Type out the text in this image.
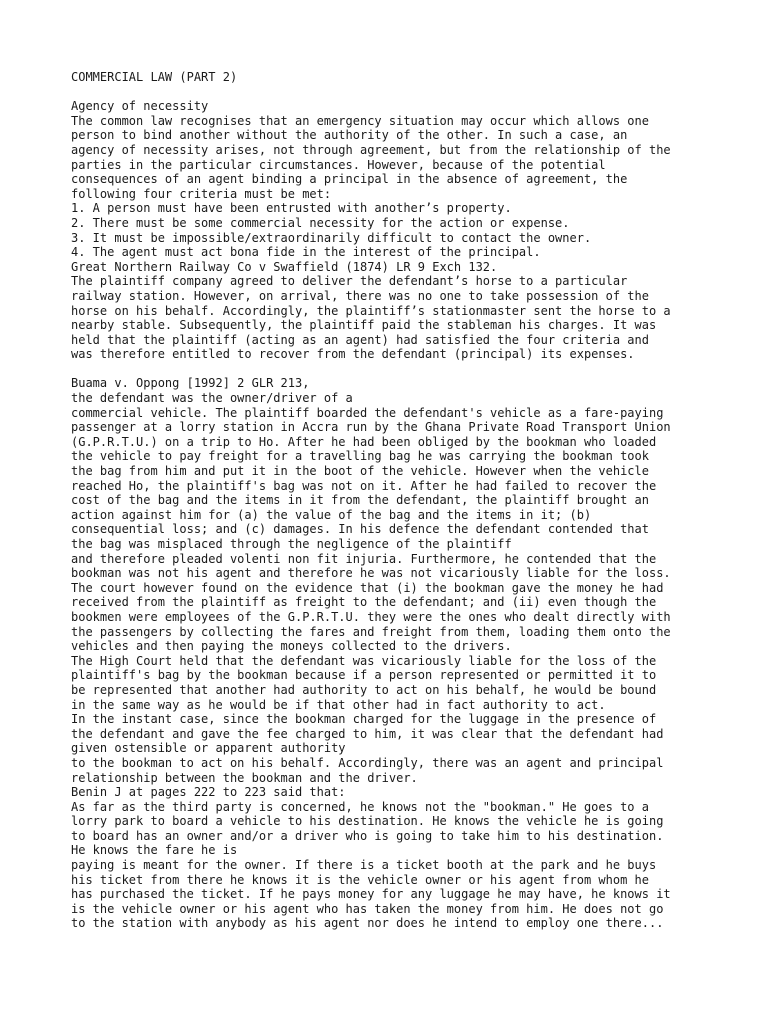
COMMERCIAL LAW (PART 2)
Agency of necessity
The common law recognises that an emergency situation may occur which allows one
person to bind another without the authority of the other. In such a case, an
agency of necessity arises, not through agreement, but from the relationship of the
parties in the particular circumstances. However, because of the potential
consequences of an agent binding a principal in the absence of agreement, the
following four criteria must be met:
1. A person must have been entrusted with another’s property.
2. There must be some commercial necessity for the action or expense.
3. It must be impossible/extraordinarily difficult to contact the owner.
4. The agent must act bona fide in the interest of the principal.
Great Northern Railway Co v Swaffield (1874) LR 9 Exch 132.
The plaintiff company agreed to deliver the defendant’s horse to a particular
railway station. However, on arrival, there was no one to take possession of the
horse on his behalf. Accordingly, the plaintiff’s stationmaster sent the horse to a
nearby stable. Subsequently, the plaintiff paid the stableman his charges. It was
held that the plaintiff (acting as an agent) had satisfied the four criteria and
was therefore entitled to recover from the defendant (principal) its expenses.
Buama v. Oppong [1992] 2 GLR 213,
the defendant was the owner/driver of a
commercial vehicle. The plaintiff boarded the defendant's vehicle as a fare-paying
passenger at a lorry station in Accra run by the Ghana Private Road Transport Union
(G.P.R.T.U.) on a trip to Ho. After he had been obliged by the bookman who loaded
the vehicle to pay freight for a travelling bag he was carrying the bookman took
the bag from him and put it in the boot of the vehicle. However when the vehicle
reached Ho, the plaintiff's bag was not on it. After he had failed to recover the
cost of the bag and the items in it from the defendant, the plaintiff brought an
action against him for (a) the value of the bag and the items in it; (b)
consequential loss; and (c) damages. In his defence the defendant contended that
the bag was misplaced through the negligence of the plaintiff
and therefore pleaded volenti non fit injuria. Furthermore, he contended that the
bookman was not his agent and therefore he was not vicariously liable for the loss.
The court however found on the evidence that (i) the bookman gave the money he had
received from the plaintiff as freight to the defendant; and (ii) even though the
bookmen were employees of the G.P.R.T.U. they were the ones who dealt directly with
the passengers by collecting the fares and freight from them, loading them onto the
vehicles and then paying the moneys collected to the drivers.
The High Court held that the defendant was vicariously liable for the loss of the
plaintiff's bag by the bookman because if a person represented or permitted it to
be represented that another had authority to act on his behalf, he would be bound
in the same way as he would be if that other had in fact authority to act.
In the instant case, since the bookman charged for the luggage in the presence of
the defendant and gave the fee charged to him, it was clear that the defendant had
given ostensible or apparent authority
to the bookman to act on his behalf. Accordingly, there was an agent and principal
relationship between the bookman and the driver.
Benin J at pages 222 to 223 said that:
As far as the third party is concerned, he knows not the "bookman." He goes to a
lorry park to board a vehicle to his destination. He knows the vehicle he is going
to board has an owner and/or a driver who is going to take him to his destination.
He knows the fare he is
paying is meant for the owner. If there is a ticket booth at the park and he buys
his ticket from there he knows it is the vehicle owner or his agent from whom he
has purchased the ticket. If he pays money for any luggage he may have, he knows it
is the vehicle owner or his agent who has taken the money from him. He does not go
to the station with anybody as his agent nor does he intend to employ one there...
